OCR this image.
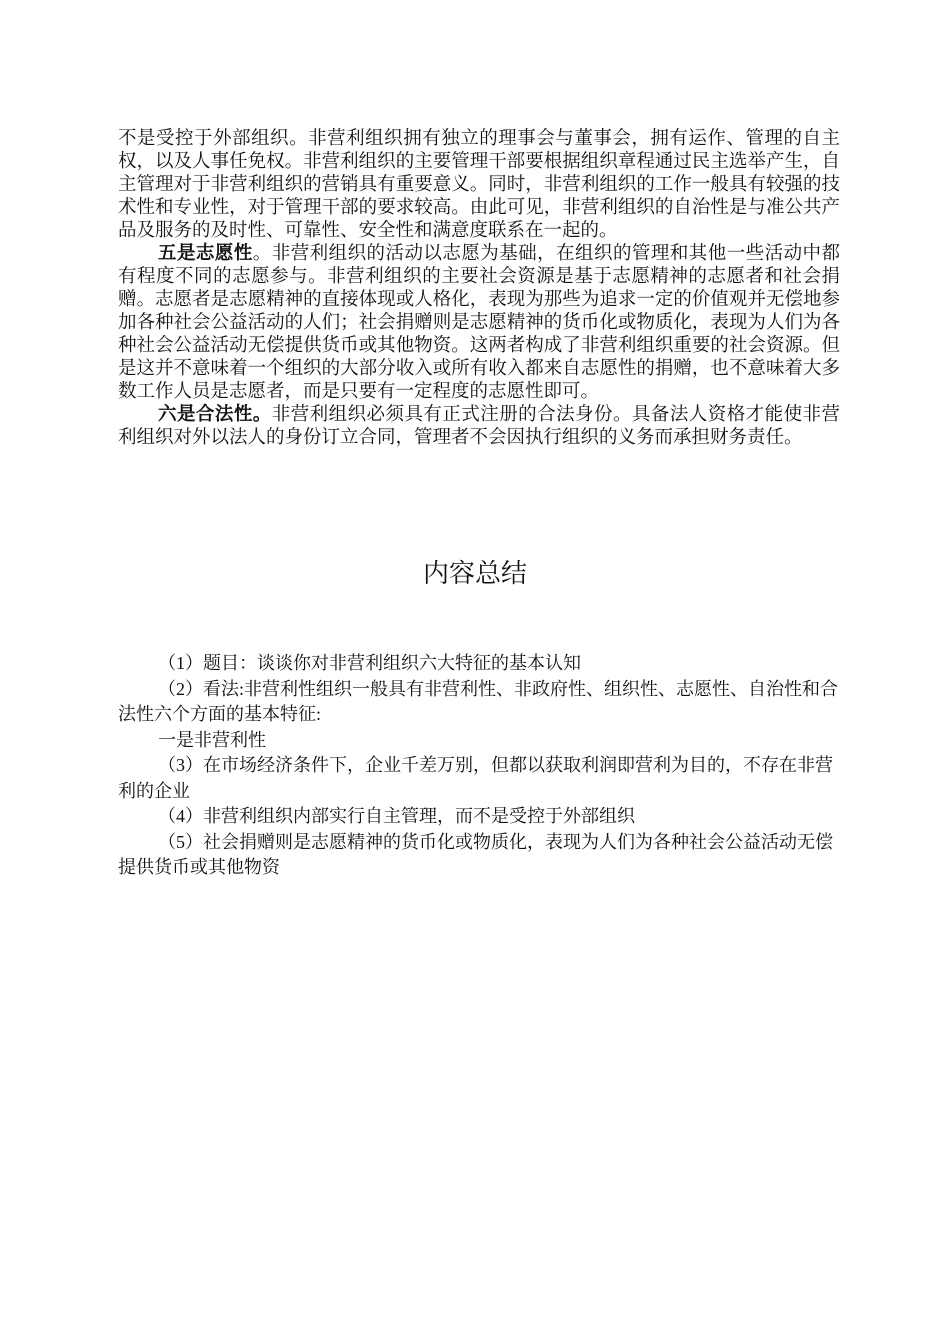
不是受控于外部组织。非营利组织拥有独立的理事会与董事会，拥有运作、管理的自主权，以及人事任免权。非营利组织的主要管理干部要根据组织章程通过民主选举产生，自主管理对于非营利组织的营销具有重要意义。同时，非营利组织的工作一般具有较强的技术性和专业性，对于管理干部的要求较高。由此可见，非营利组织的自治性是与准公共产品及服务的及时性、可靠性、安全性和满意度联系在一起的。

五是志愿性。非营利组织的活动以志愿为基础，在组织的管理和其他一些活动中都有程度不同的志愿参与。非营利组织的主要社会资源是基于志愿精神的志愿者和社会捐赠。志愿者是志愿精神的直接体现或人格化，表现为那些为追求一定的价值观并无偿地参加各种社会公益活动的人们；社会捐赠则是志愿精神的货币化或物质化，表现为人们为各种社会公益活动无偿提供货币或其他物资。这两者构成了非营利组织重要的社会资源。但是这并不意味着一个组织的大部分收入或所有收入都来自志愿性的捐赠，也不意味着大多数工作人员是志愿者，而是只要有一定程度的志愿性即可。

六是合法性。非营利组织必须具有正式注册的合法身份。具备法人资格才能使非营利组织对外以法人的身份订立合同，管理者不会因执行组织的义务而承担财务责任。

内容总结

（1）题目：谈谈你对非营利组织六大特征的基本认知

（2）看法:非营利性组织一般具有非营利性、非政府性、组织性、志愿性、自治性和合法性六个方面的基本特征:

一是非营利性

（3）在市场经济条件下，企业千差万别，但都以获取利润即营利为目的，不存在非营利的企业

（4）非营利组织内部实行自主管理，而不是受控于外部组织

（5）社会捐赠则是志愿精神的货币化或物质化，表现为人们为各种社会公益活动无偿提供货币或其他物资
